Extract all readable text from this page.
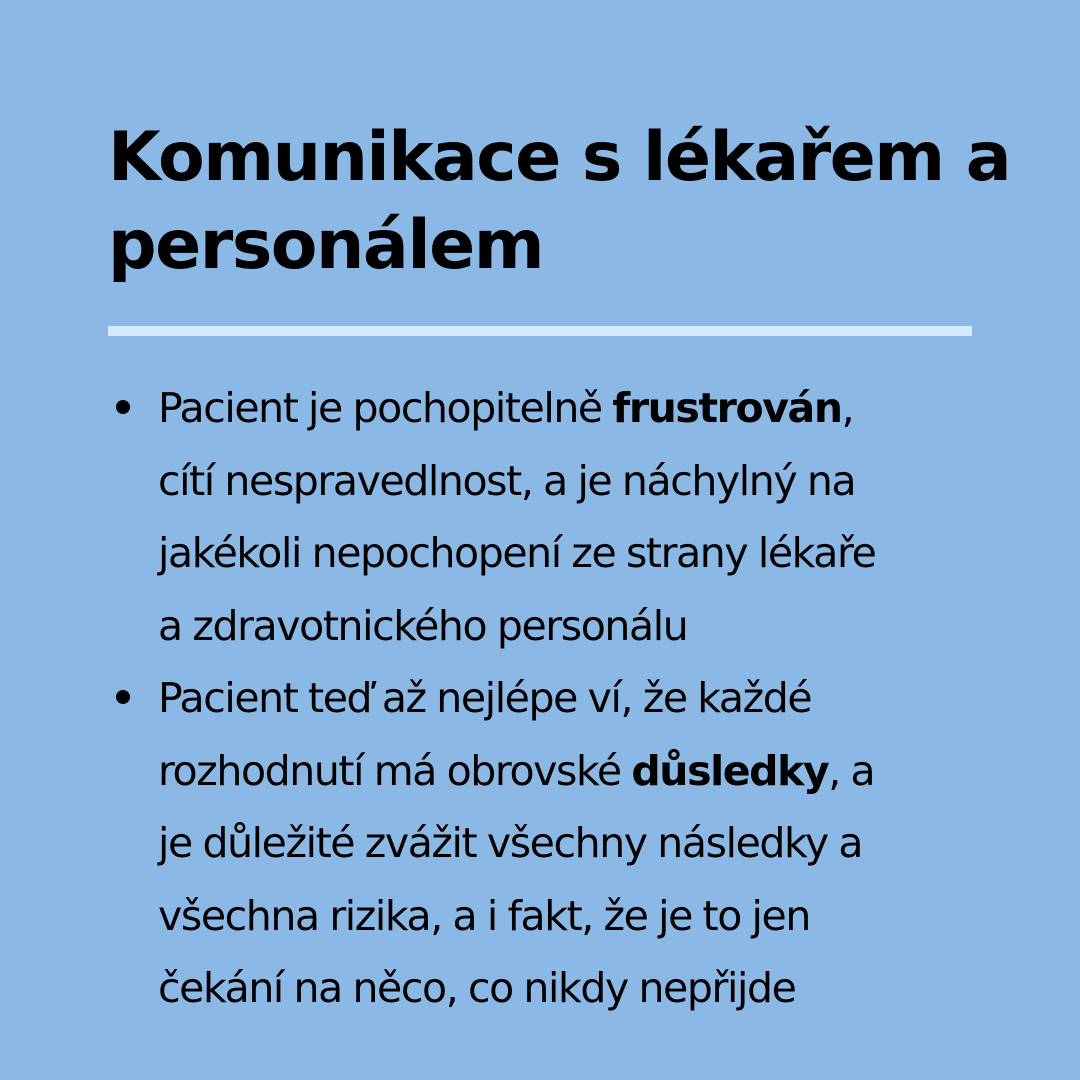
Komunikace s lékařem a
personálem
Pacient je pochopitelně frustrován,
cítí nespravedlnost, a je náchylný na
jakékoli nepochopení ze strany lékaře
a zdravotnického personálu
Pacient teď až nejlépe ví, že každé
rozhodnutí má obrovské důsledky, a
je důležité zvážit všechny následky a
všechna rizika, a i fakt, že je to jen
čekání na něco, co nikdy nepřijde
